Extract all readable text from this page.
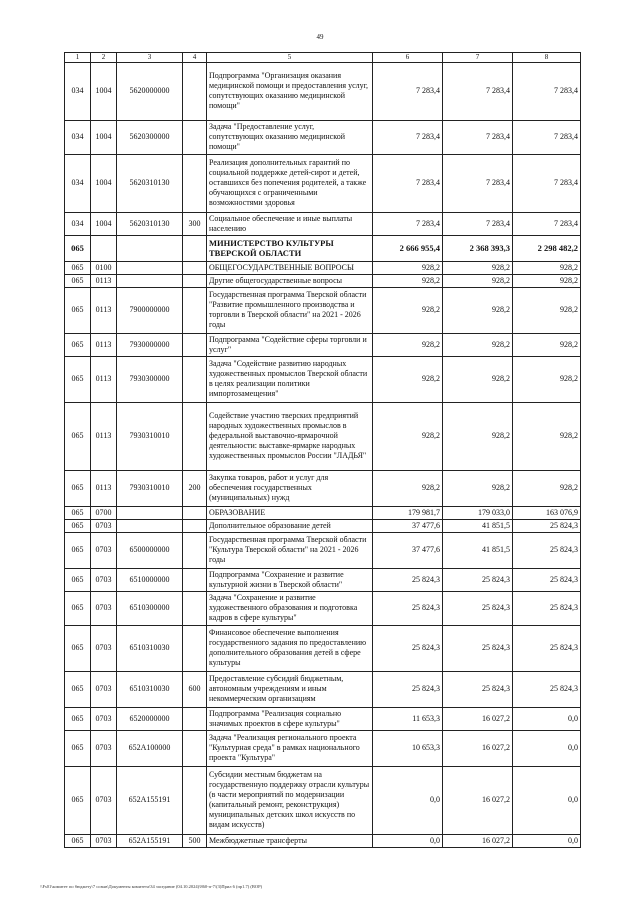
49
1	2	3	4	5	6	7	8
034	1004	5620000000		Подпрограмма "Организация оказания медицинской помощи и предоставления услуг, сопутствующих оказанию медицинской помощи"	7 283,4	7 283,4	7 283,4
034	1004	5620300000		Задача "Предоставление услуг, сопутствующих оказанию медицинской помощи"	7 283,4	7 283,4	7 283,4
034	1004	5620310130		Реализация дополнительных гарантий по социальной поддержке детей-сирот и детей, оставшихся без попечения родителей, а также обучающихся с ограниченными возможностями здоровья	7 283,4	7 283,4	7 283,4
034	1004	5620310130	300	Социальное обеспечение и иные выплаты населению	7 283,4	7 283,4	7 283,4
065				МИНИСТЕРСТВО КУЛЬТУРЫ ТВЕРСКОЙ ОБЛАСТИ	2 666 955,4	2 368 393,3	2 298 482,2
065	0100			ОБЩЕГОСУДАРСТВЕННЫЕ ВОПРОСЫ	928,2	928,2	928,2
065	0113			Другие общегосударственные вопросы	928,2	928,2	928,2
065	0113	7900000000		Государственная программа Тверской области "Развитие промышленного производства и торговли в Тверской области" на 2021 - 2026 годы	928,2	928,2	928,2
065	0113	7930000000		Подпрограмма "Содействие сферы торговли и услуг"	928,2	928,2	928,2
065	0113	7930300000		Задача "Содействие развитию народных художественных промыслов Тверской области в целях реализации политики импортозамещения"	928,2	928,2	928,2
065	0113	7930310010		Содействие участию тверских предприятий народных художественных промыслов в федеральной выставочно-ярмарочной деятельности: выставке-ярмарке народных художественных промыслов России "ЛАДЬЯ"	928,2	928,2	928,2
065	0113	7930310010	200	Закупка товаров, работ и услуг для обеспечения государственных (муниципальных) нужд	928,2	928,2	928,2
065	0700			ОБРАЗОВАНИЕ	179 981,7	179 033,0	163 076,9
065	0703			Дополнительное образование детей	37 477,6	41 851,5	25 824,3
065	0703	6500000000		Государственная программа Тверской области "Культура Тверской области" на 2021 - 2026 годы	37 477,6	41 851,5	25 824,3
065	0703	6510000000		Подпрограмма "Сохранение и развитие культурной жизни в Тверской области"	25 824,3	25 824,3	25 824,3
065	0703	6510300000		Задача "Сохранение и развитие художественного образования и подготовка кадров в сфере культуры"	25 824,3	25 824,3	25 824,3
065	0703	6510310030		Финансовое обеспечение выполнения государственного задания по предоставлению дополнительного образования детей в сфере культуры	25 824,3	25 824,3	25 824,3
065	0703	6510310030	600	Предоставление субсидий бюджетным, автономным учреждениям и иным некоммерческим организациям	25 824,3	25 824,3	25 824,3
065	0703	6520000000		Подпрограмма "Реализация социально значимых проектов в сфере культуры"	11 653,3	16 027,2	0,0
065	0703	652A100000		Задача "Реализация регионального проекта "Культурная среда" в рамках национального проекта "Культура"	10 653,3	16 027,2	0,0
065	0703	652A155191		Субсидии местным бюджетам на государственную поддержку отрасли культуры (в части мероприятий по модернизации (капитальный ремонт, реконструкция) муниципальных детских школ искусств по видам искусств)	0,0	16 027,2	0,0
065	0703	652A155191	500	Межбюджетные трансферты	0,0	16 027,2	0,0
\\Fs01\комитет по бюджету\7 созыв\Документы комитета\34 заседание (04.10.2024)\860-п-7\(3)Прил 6 (пр1.7) (ВОР)
